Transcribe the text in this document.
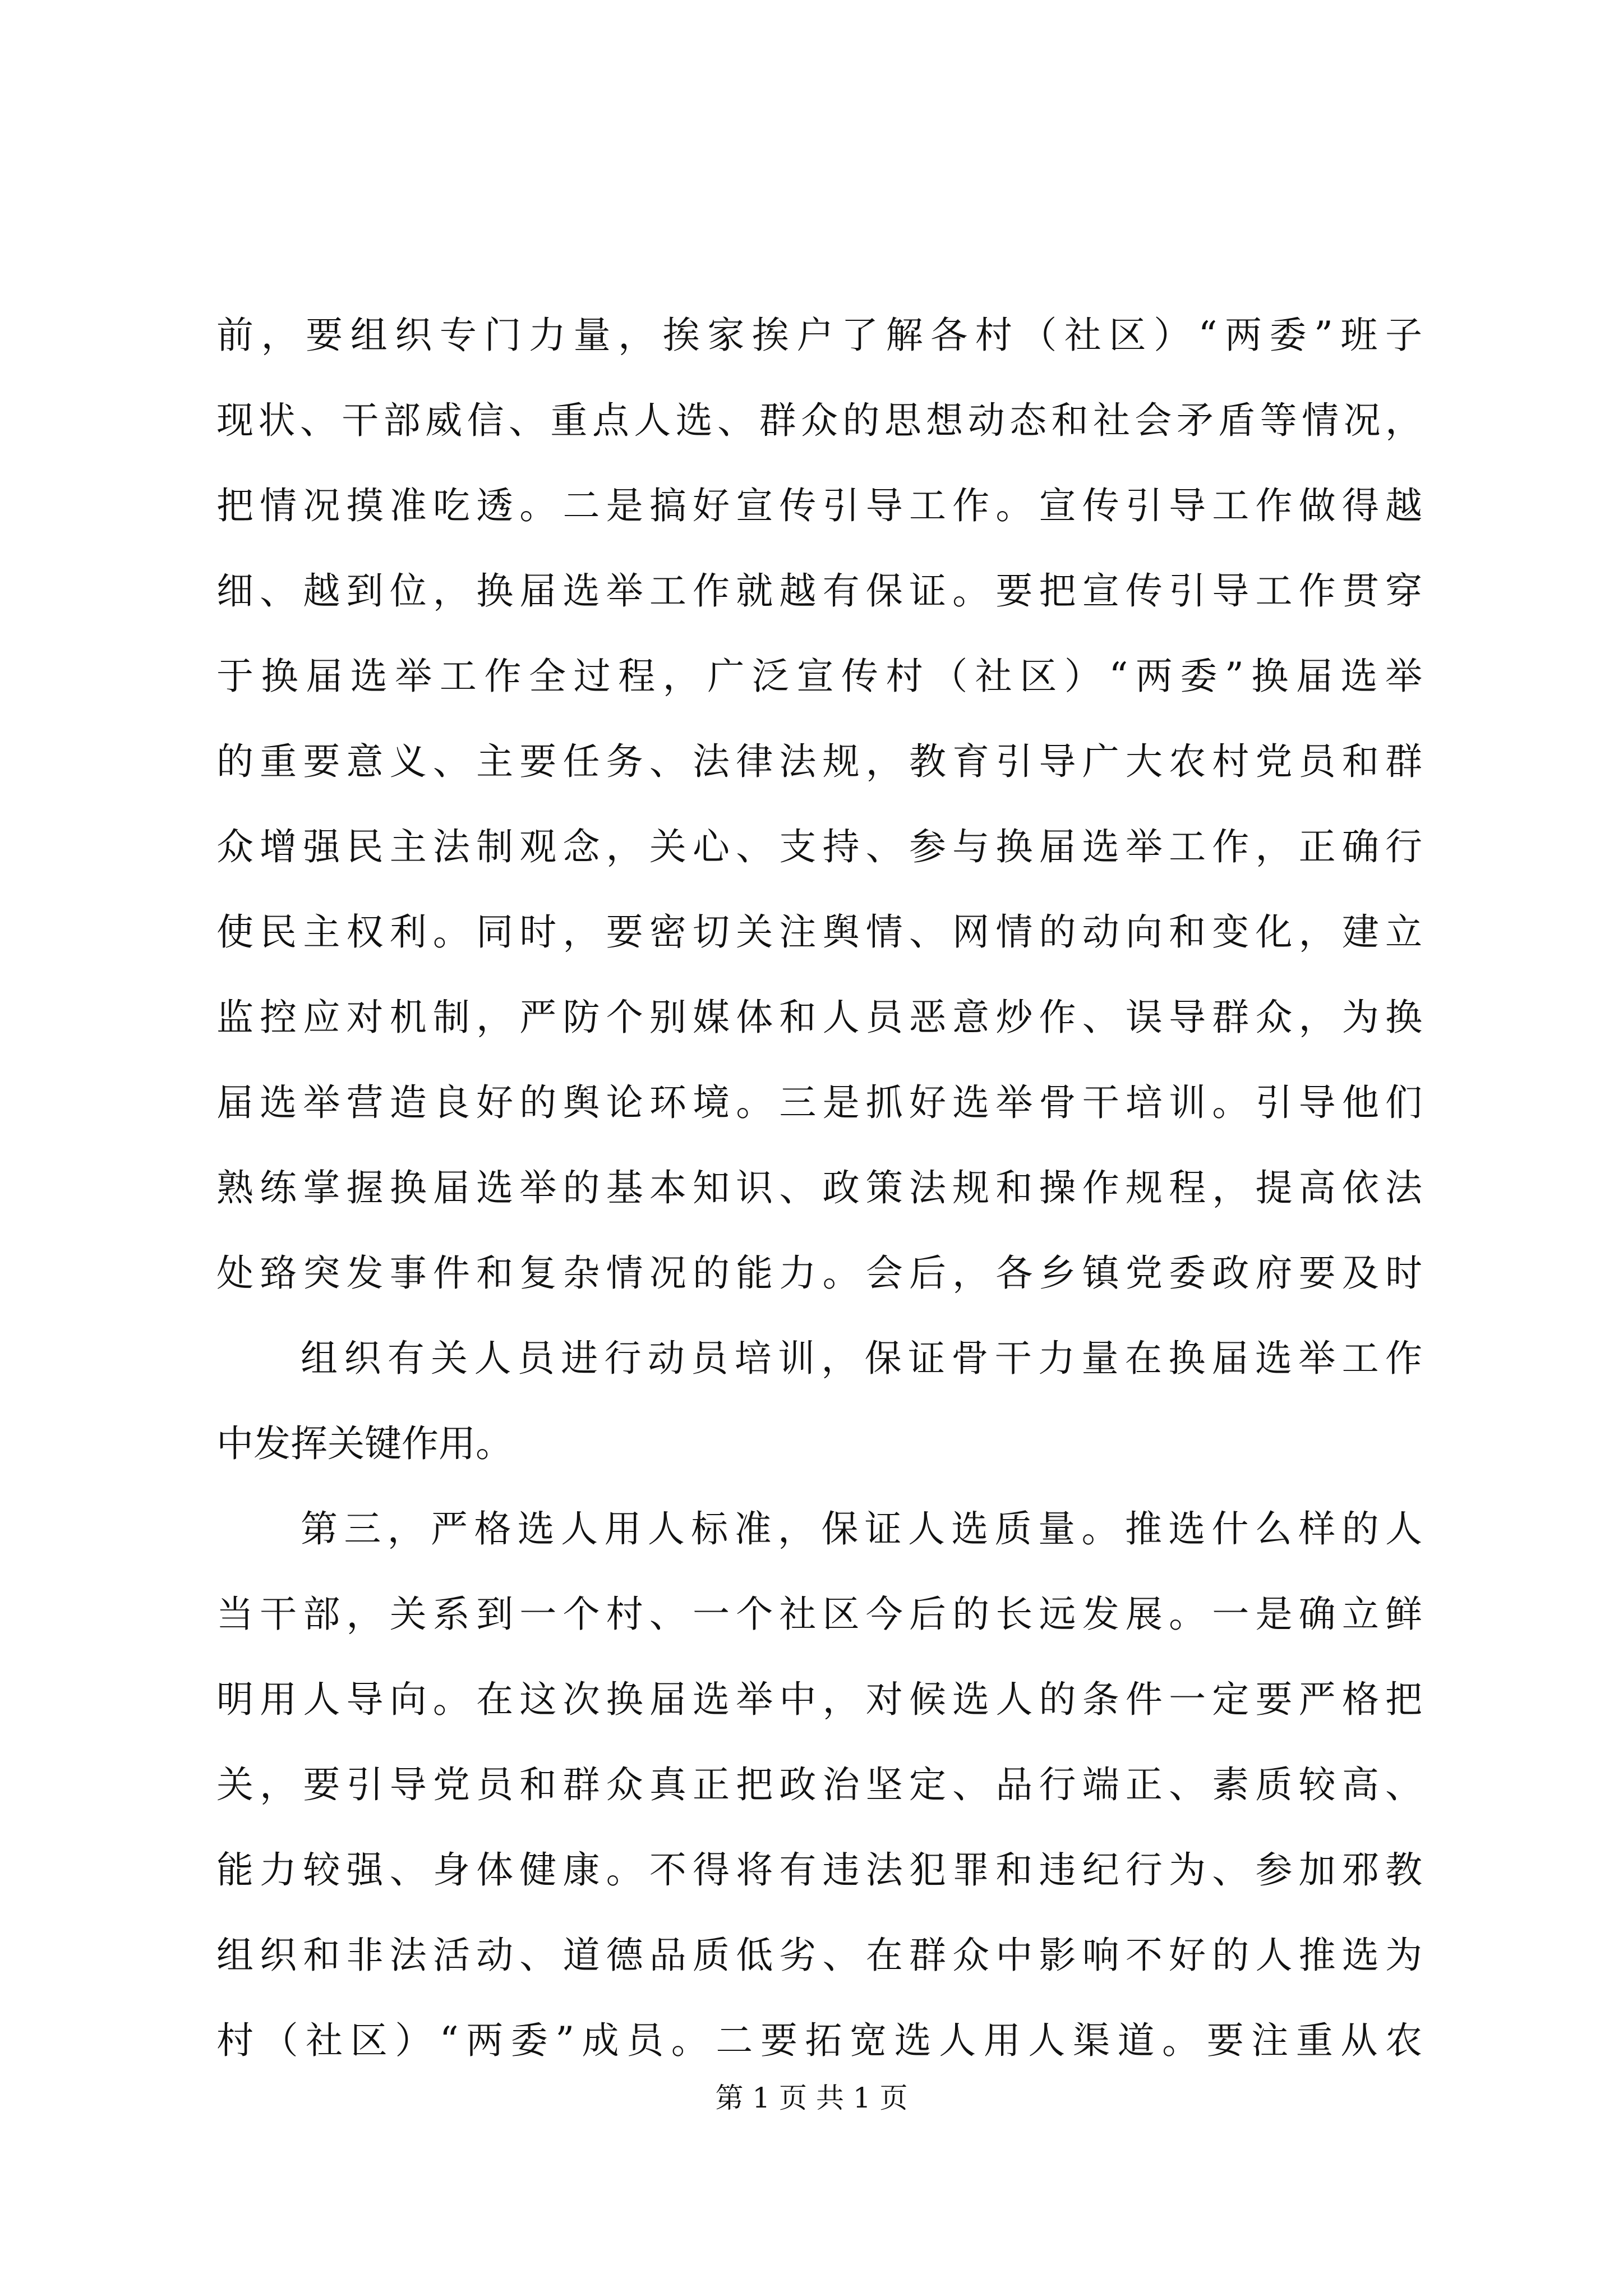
前，要组织专门力量，挨家挨户了解各村（社区）“两委”班子
现状、干部威信、重点人选、群众的思想动态和社会矛盾等情况，
把情况摸准吃透。二是搞好宣传引导工作。宣传引导工作做得越
细、越到位，换届选举工作就越有保证。要把宣传引导工作贯穿
于换届选举工作全过程，广泛宣传村（社区）“两委”换届选举
的重要意义、主要任务、法律法规，教育引导广大农村党员和群
众增强民主法制观念，关心、支持、参与换届选举工作，正确行
使民主权利。同时，要密切关注舆情、网情的动向和变化，建立
监控应对机制，严防个别媒体和人员恶意炒作、误导群众，为换
届选举营造良好的舆论环境。三是抓好选举骨干培训。引导他们
熟练掌握换届选举的基本知识、政策法规和操作规程，提高依法
处臵突发事件和复杂情况的能力。会后，各乡镇党委政府要及时
组织有关人员进行动员培训，保证骨干力量在换届选举工作
中发挥关键作用。
第三，严格选人用人标准，保证人选质量。推选什么样的人
当干部，关系到一个村、一个社区今后的长远发展。一是确立鲜
明用人导向。在这次换届选举中，对候选人的条件一定要严格把
关，要引导党员和群众真正把政治坚定、品行端正、素质较高、
能力较强、身体健康。不得将有违法犯罪和违纪行为、参加邪教
组织和非法活动、道德品质低劣、在群众中影响不好的人推选为
村（社区）“两委”成员。二要拓宽选人用人渠道。要注重从农
第 1 页 共 1 页
